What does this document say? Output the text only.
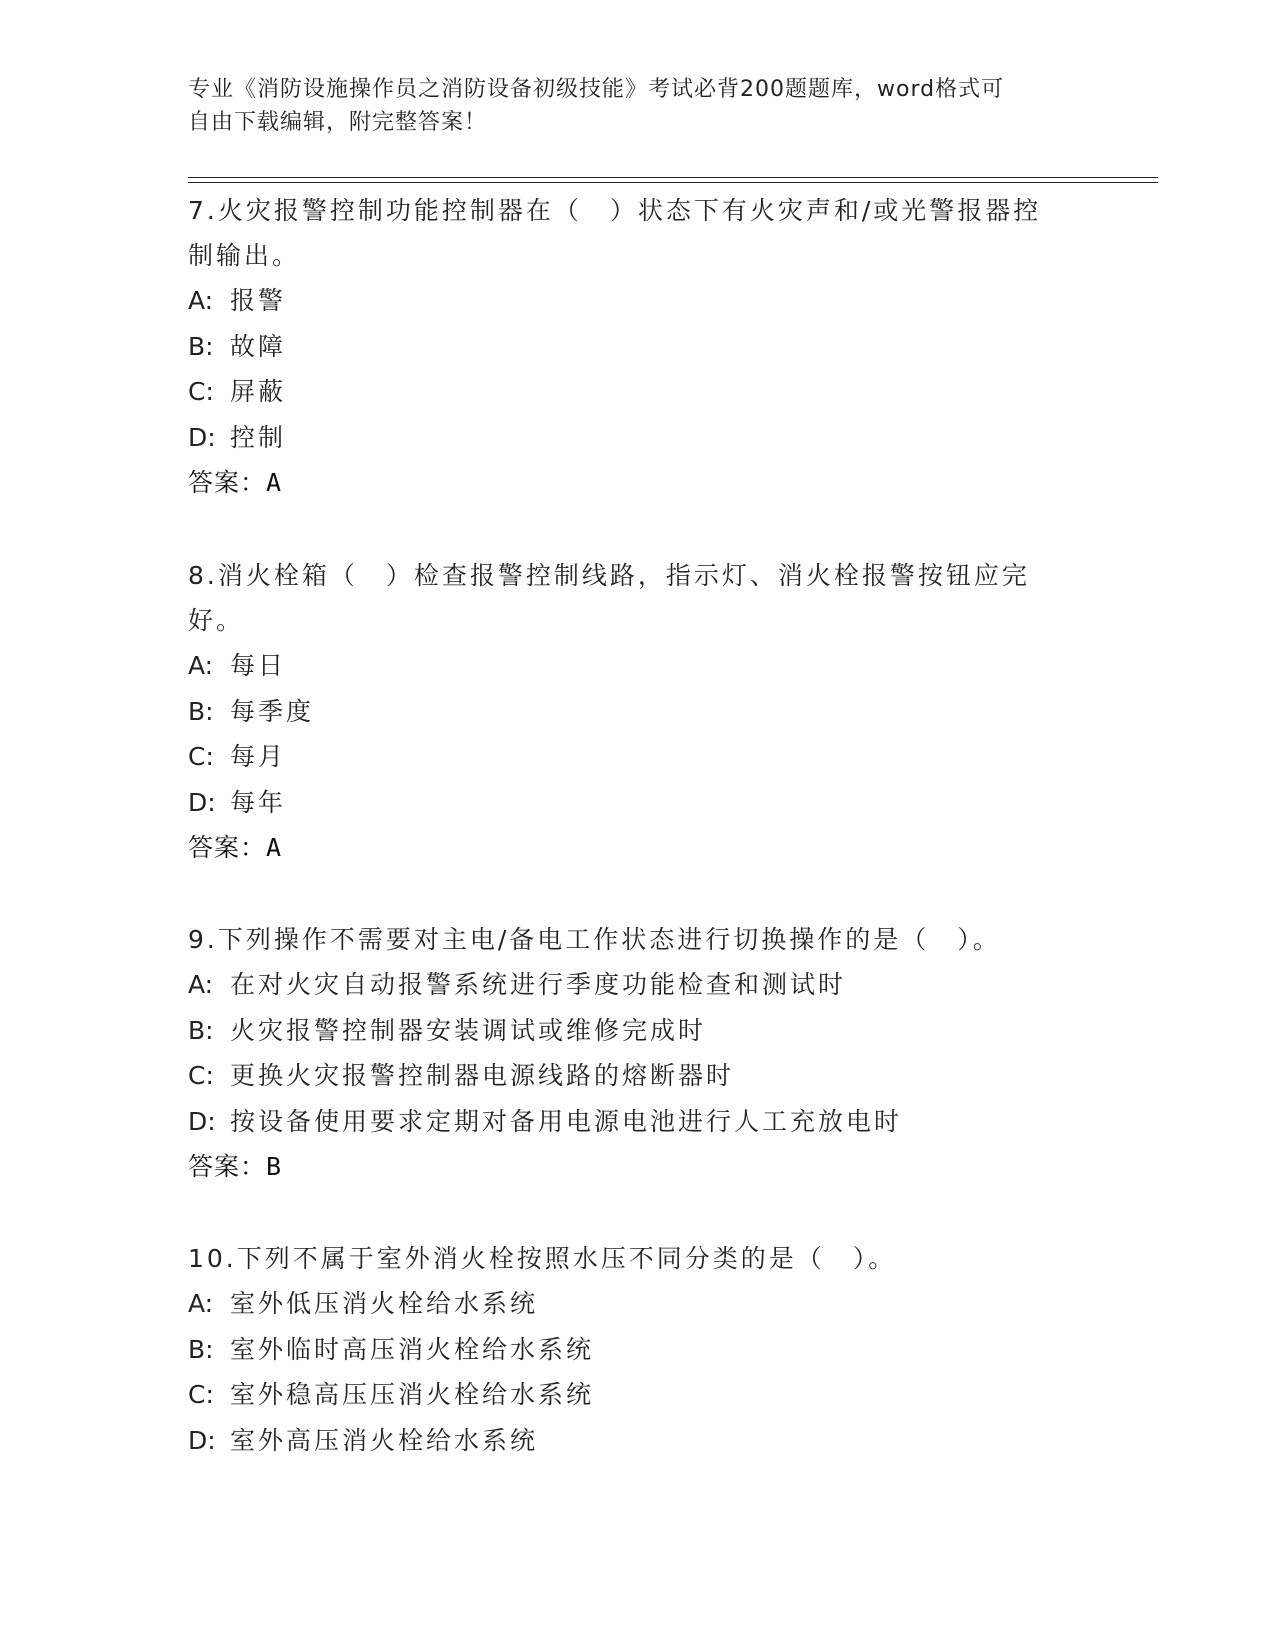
专业《消防设施操作员之消防设备初级技能》考试必背200题题库，word格式可
自由下载编辑，附完整答案！

7.火灾报警控制功能控制器在（　）状态下有火灾声和/或光警报器控

制输出。

A: 报警

B: 故障

C: 屏蔽

D: 控制

答案：A

8.消火栓箱（　）检查报警控制线路，指示灯、消火栓报警按钮应完

好。

A: 每日

B: 每季度

C: 每月

D: 每年

答案：A

9.下列操作不需要对主电/备电工作状态进行切换操作的是（　）。

A: 在对火灾自动报警系统进行季度功能检查和测试时

B: 火灾报警控制器安装调试或维修完成时

C: 更换火灾报警控制器电源线路的熔断器时

D: 按设备使用要求定期对备用电源电池进行人工充放电时

答案：B

10.下列不属于室外消火栓按照水压不同分类的是（　）。

A: 室外低压消火栓给水系统

B: 室外临时高压消火栓给水系统

C: 室外稳高压压消火栓给水系统

D: 室外高压消火栓给水系统
